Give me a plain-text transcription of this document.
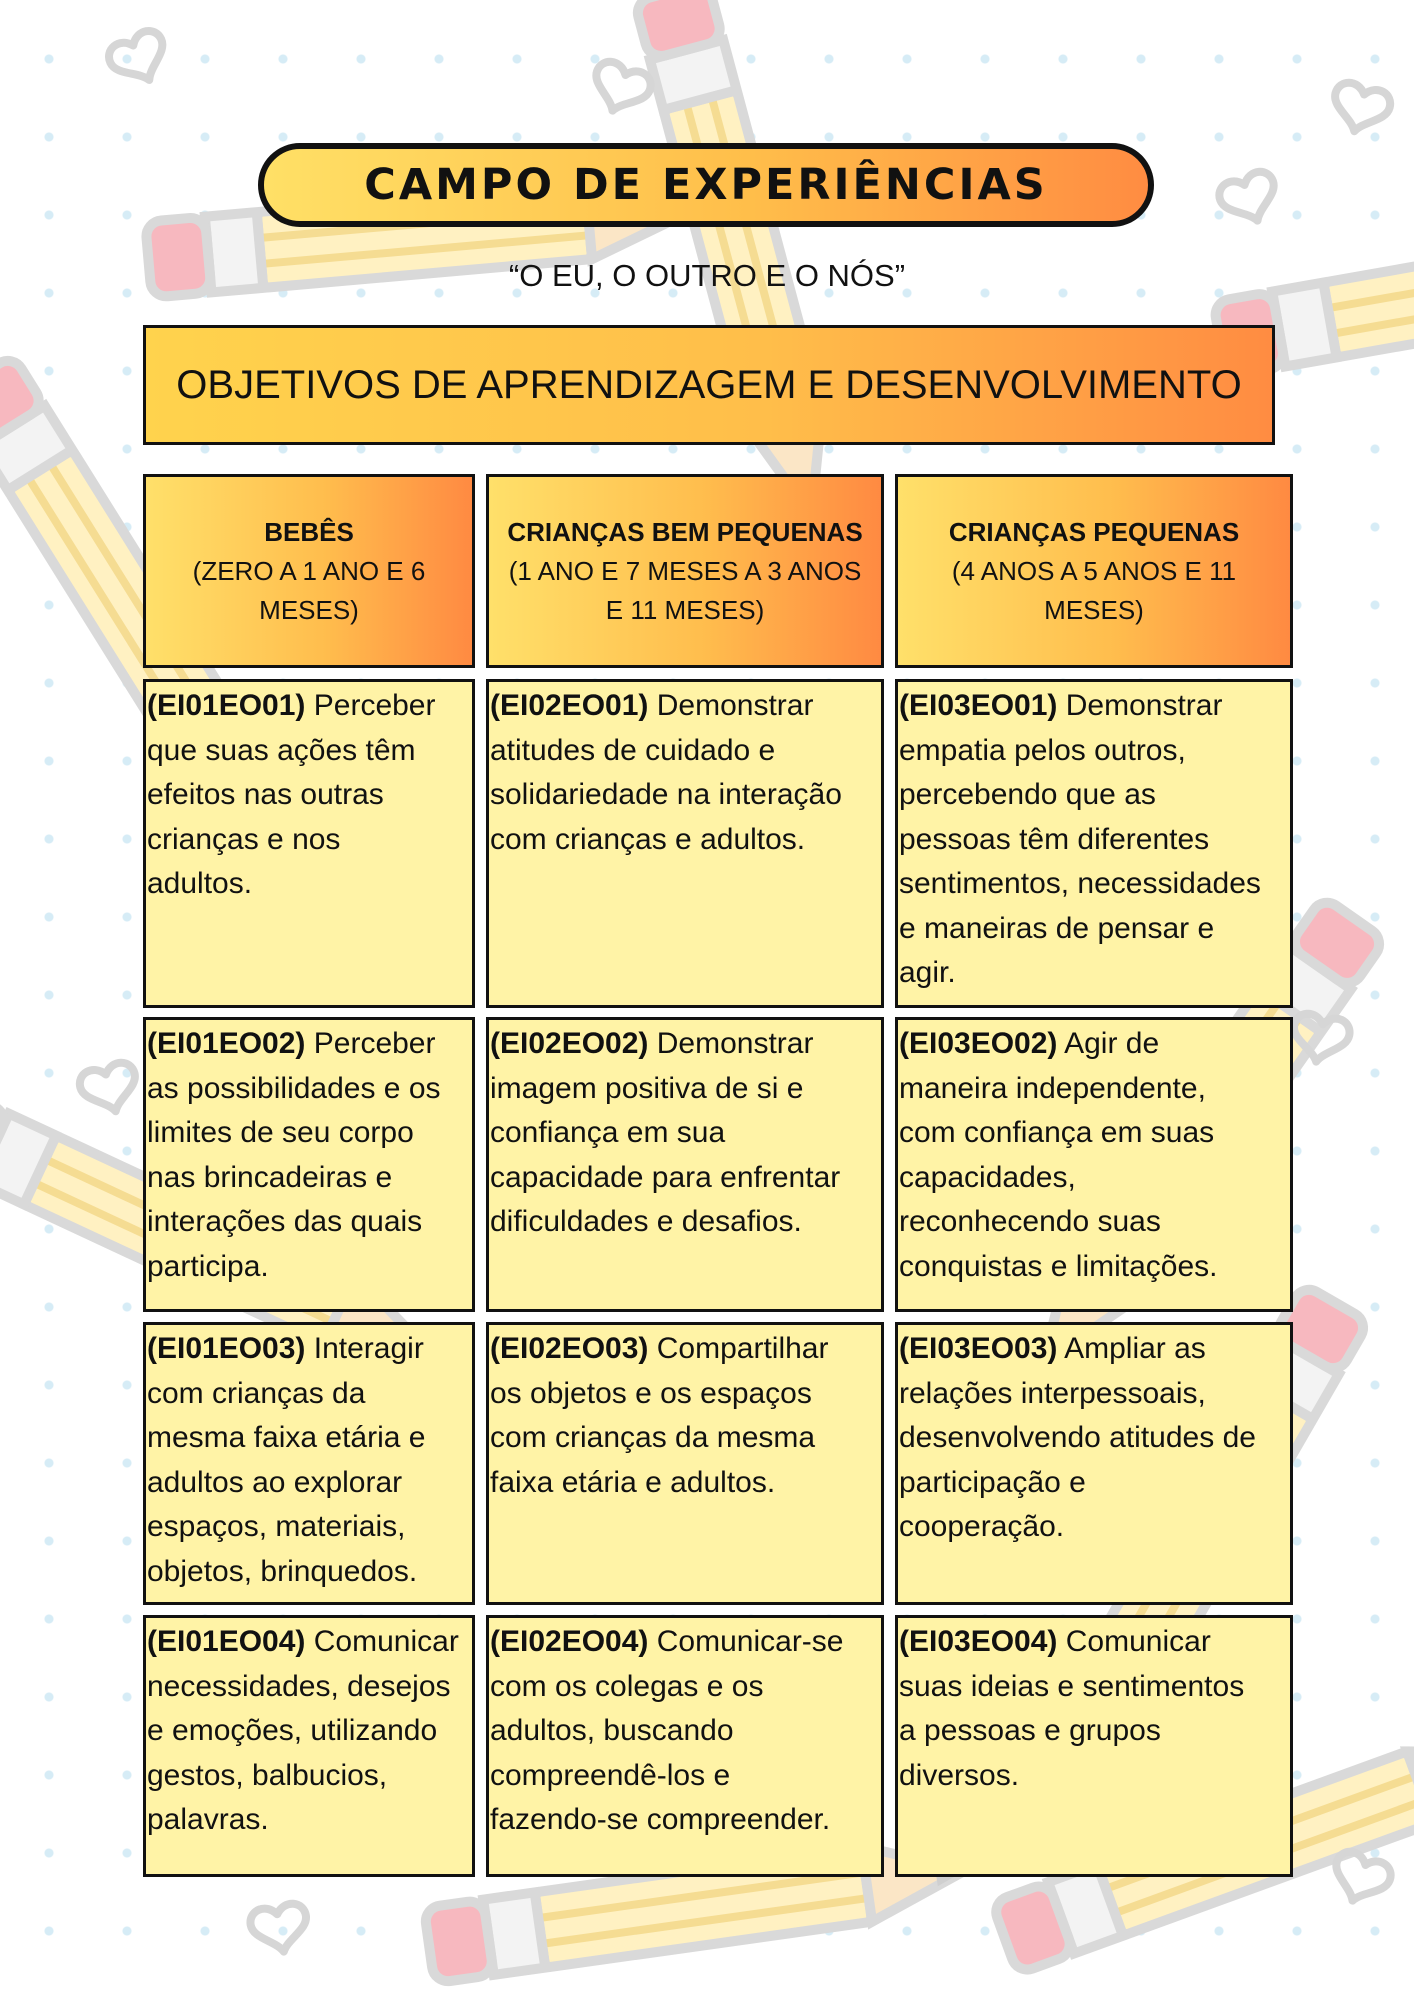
CAMPO DE EXPERIÊNCIAS
“O EU, O OUTRO E O NÓS”
OBJETIVOS DE APRENDIZAGEM E DESENVOLVIMENTO
BEBÊS
(ZERO A 1 ANO E 6
MESES)
CRIANÇAS BEM PEQUENAS
(1 ANO E 7 MESES A 3 ANOS
E 11 MESES)
CRIANÇAS PEQUENAS
(4 ANOS A 5 ANOS E 11
MESES)
(EI01EO01) Perceber
que suas ações têm
efeitos nas outras
crianças e nos
adultos.
(EI02EO01) Demonstrar
atitudes de cuidado e
solidariedade na interação
com crianças e adultos.
(EI03EO01) Demonstrar
empatia pelos outros,
percebendo que as
pessoas têm diferentes
sentimentos, necessidades
e maneiras de pensar e
agir.
(EI01EO02) Perceber
as possibilidades e os
limites de seu corpo
nas brincadeiras e
interações das quais
participa.
(EI02EO02) Demonstrar
imagem positiva de si e
confiança em sua
capacidade para enfrentar
dificuldades e desafios.
(EI03EO02) Agir de
maneira independente,
com confiança em suas
capacidades,
reconhecendo suas
conquistas e limitações.
(EI01EO03) Interagir
com crianças da
mesma faixa etária e
adultos ao explorar
espaços, materiais,
objetos, brinquedos.
(EI02EO03) Compartilhar
os objetos e os espaços
com crianças da mesma
faixa etária e adultos.
(EI03EO03) Ampliar as
relações interpessoais,
desenvolvendo atitudes de
participação e
cooperação.
(EI01EO04) Comunicar
necessidades, desejos
e emoções, utilizando
gestos, balbucios,
palavras.
(EI02EO04) Comunicar-se
com os colegas e os
adultos, buscando
compreendê-los e
fazendo-se compreender.
(EI03EO04) Comunicar
suas ideias e sentimentos
a pessoas e grupos
diversos.
